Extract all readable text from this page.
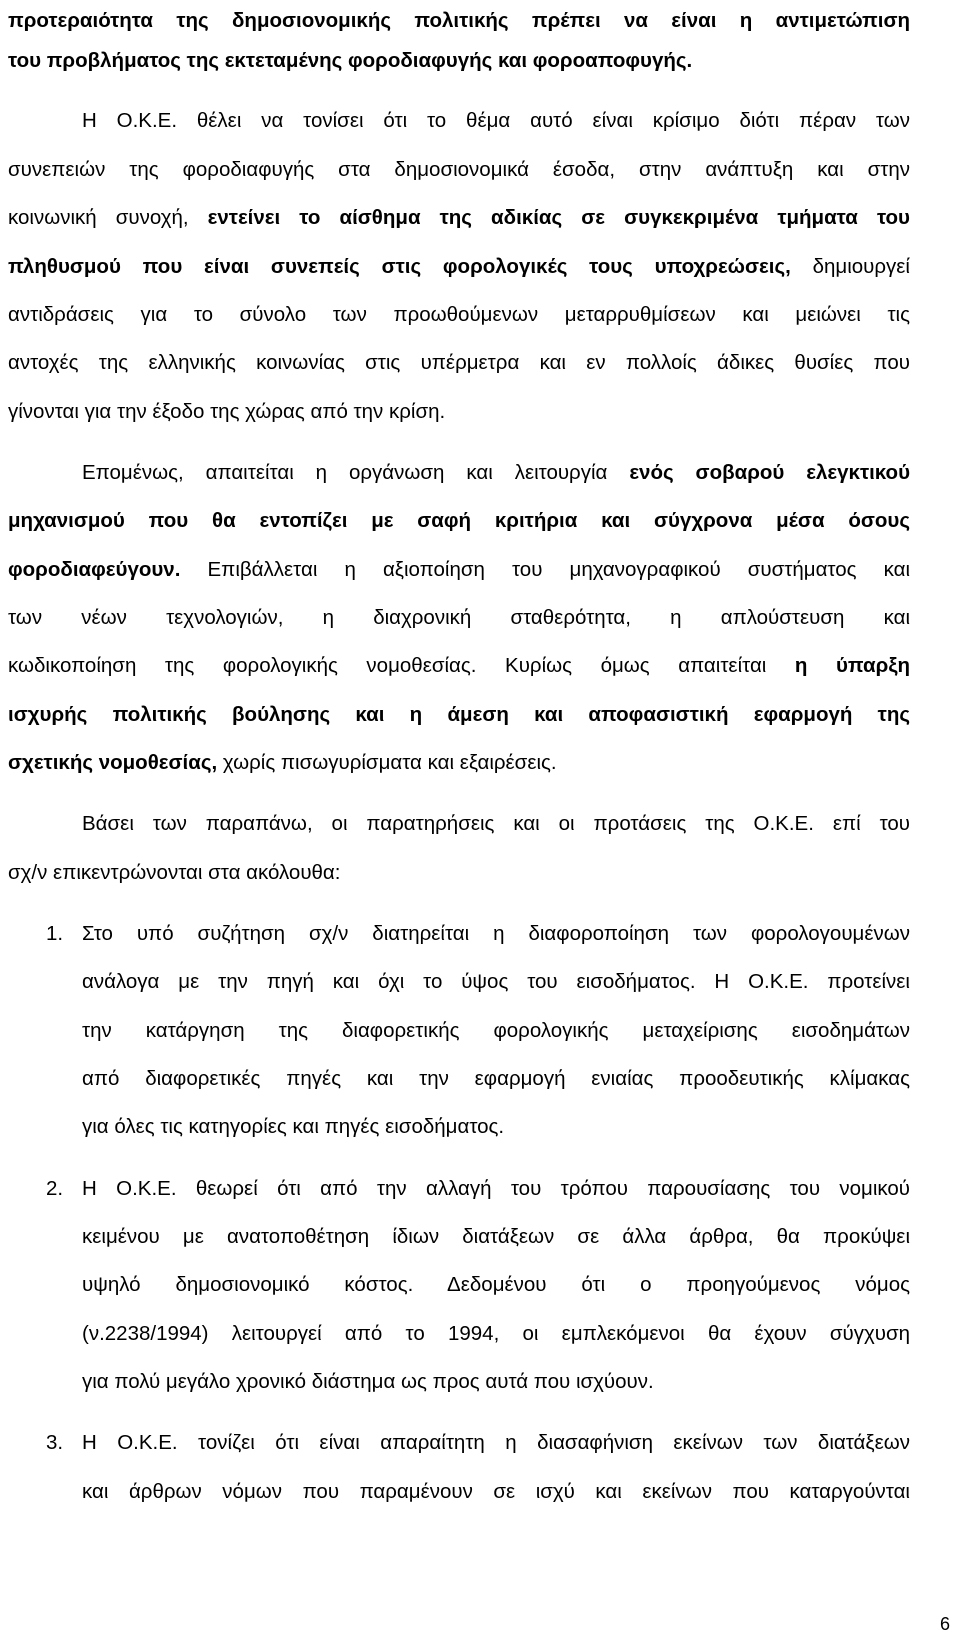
προτεραιότητα της δημοσιονομικής πολιτικής πρέπει να είναι η αντιμετώπιση
του προβλήματος της εκτεταμένης φοροδιαφυγής και φοροαποφυγής.
Η Ο.Κ.Ε. θέλει να τονίσει ότι το θέμα αυτό είναι κρίσιμο διότι πέραν των
συνεπειών της φοροδιαφυγής στα δημοσιονομικά έσοδα, στην ανάπτυξη και στην
κοινωνική συνοχή, εντείνει το αίσθημα της αδικίας σε συγκεκριμένα τμήματα του
πληθυσμού που είναι συνεπείς στις φορολογικές τους υποχρεώσεις, δημιουργεί
αντιδράσεις για το σύνολο των προωθούμενων μεταρρυθμίσεων και μειώνει τις
αντοχές της ελληνικής κοινωνίας στις υπέρμετρα και εν πολλοίς άδικες θυσίες που
γίνονται για την έξοδο της χώρας από την κρίση.
Επομένως, απαιτείται η οργάνωση και λειτουργία ενός σοβαρού ελεγκτικού
μηχανισμού που θα εντοπίζει με σαφή κριτήρια και σύγχρονα μέσα όσους
φοροδιαφεύγουν. Επιβάλλεται η αξιοποίηση του μηχανογραφικού συστήματος και
των νέων τεχνολογιών, η διαχρονική σταθερότητα, η απλούστευση και
κωδικοποίηση της φορολογικής νομοθεσίας. Κυρίως όμως απαιτείται η ύπαρξη
ισχυρής πολιτικής βούλησης και η άμεση και αποφασιστική εφαρμογή της
σχετικής νομοθεσίας, χωρίς πισωγυρίσματα και εξαιρέσεις.
Βάσει των παραπάνω, οι παρατηρήσεις και οι προτάσεις της Ο.Κ.Ε. επί του
σχ/ν επικεντρώνονται στα ακόλουθα:
1. Στο υπό συζήτηση σχ/ν διατηρείται η διαφοροποίηση των φορολογουμένων
ανάλογα με την πηγή και όχι το ύψος του εισοδήματος. Η Ο.Κ.Ε. προτείνει
την κατάργηση της διαφορετικής φορολογικής μεταχείρισης εισοδημάτων
από διαφορετικές πηγές και την εφαρμογή ενιαίας προοδευτικής κλίμακας
για όλες τις κατηγορίες και πηγές εισοδήματος.
2. Η Ο.Κ.Ε. θεωρεί ότι από την αλλαγή του τρόπου παρουσίασης του νομικού
κειμένου με ανατοποθέτηση ίδιων διατάξεων σε άλλα άρθρα, θα προκύψει
υψηλό δημοσιονομικό κόστος. Δεδομένου ότι ο προηγούμενος νόμος
(ν.2238/1994) λειτουργεί από το 1994, οι εμπλεκόμενοι θα έχουν σύγχυση
για πολύ μεγάλο χρονικό διάστημα ως προς αυτά που ισχύουν.
3. Η Ο.Κ.Ε. τονίζει ότι είναι απαραίτητη η διασαφήνιση εκείνων των διατάξεων
και άρθρων νόμων που παραμένουν σε ισχύ και εκείνων που καταργούνται
6
